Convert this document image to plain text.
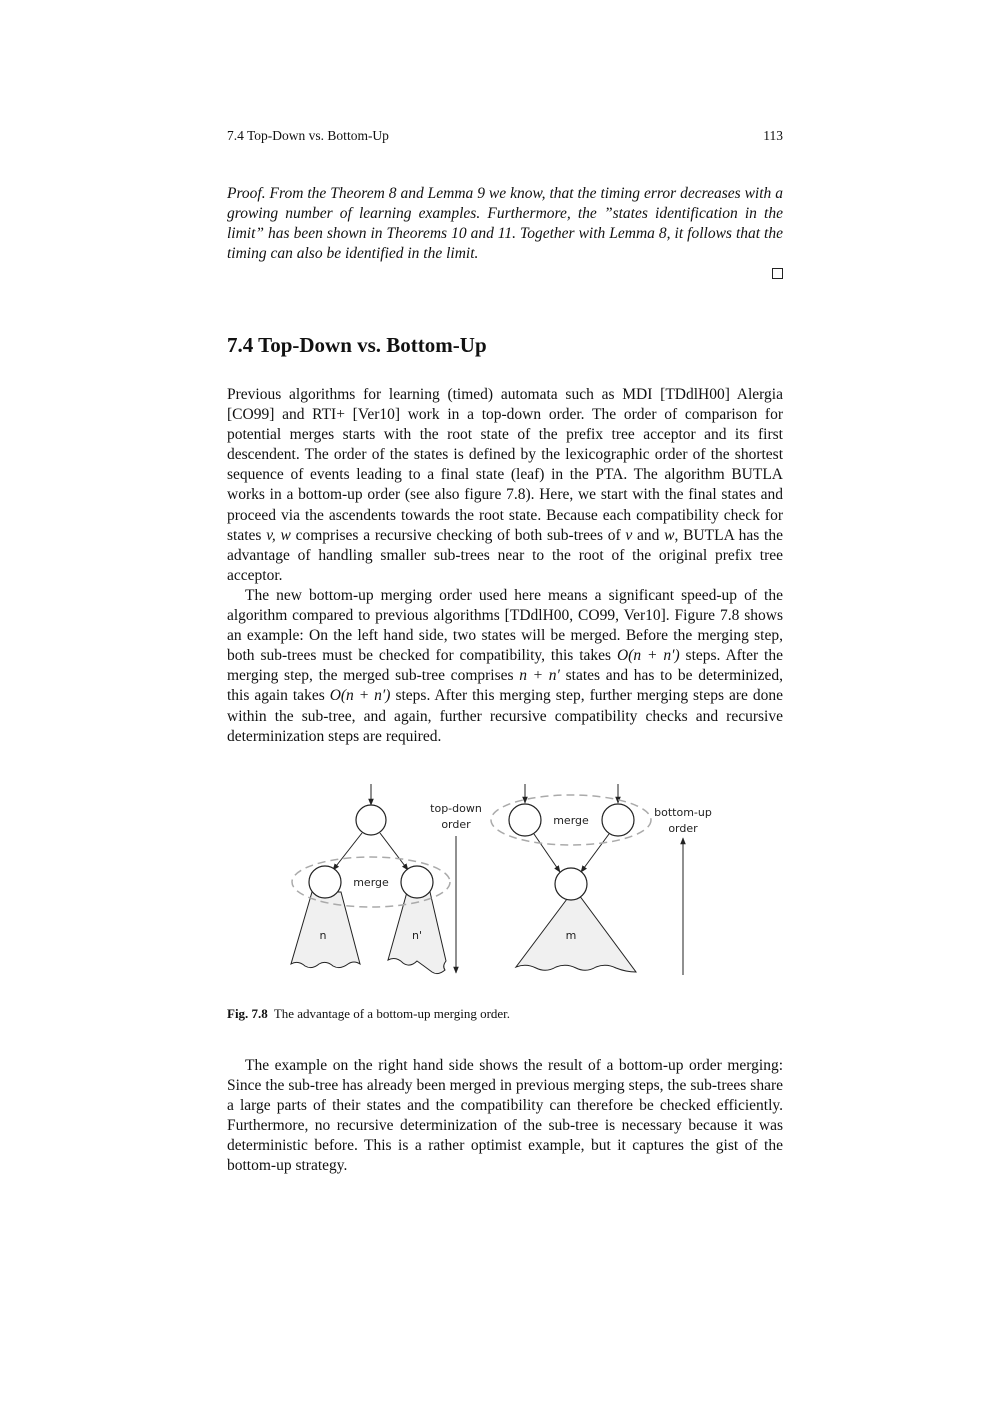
7.4 Top-Down vs. Bottom-Up	113

Proof. From the Theorem 8 and Lemma 9 we know, that the timing error decreases with a growing number of learning examples. Furthermore, the ”states identification in the limit” has been shown in Theorems 10 and 11. Together with Lemma 8, it follows that the timing can also be identified in the limit.

7.4 Top-Down vs. Bottom-Up

Previous algorithms for learning (timed) automata such as MDI [TDdlH00] Alergia [CO99] and RTI+ [Ver10] work in a top-down order. The order of comparison for potential merges starts with the root state of the prefix tree acceptor and its first descendent. The order of the states is defined by the lexicographic order of the shortest sequence of events leading to a final state (leaf) in the PTA. The algorithm BUTLA works in a bottom-up order (see also figure 7.8). Here, we start with the final states and proceed via the ascendents towards the root state. Because each compatibility check for states v, w comprises a recursive checking of both sub-trees of v and w, BUTLA has the advantage of handling smaller sub-trees near to the root of the original prefix tree acceptor.

The new bottom-up merging order used here means a significant speed-up of the algorithm compared to previous algorithms [TDdlH00, CO99, Ver10]. Figure 7.8 shows an example: On the left hand side, two states will be merged. Before the merging step, both sub-trees must be checked for compatibility, this takes O(n + n′) steps. After the merging step, the merged sub-tree comprises n + n′ states and has to be determinized, this again takes O(n + n′) steps. After this merging step, further merging steps are done within the sub-tree, and again, further recursive compatibility checks and recursive determinization steps are required.

merge
n	n'
top-down
order	merge
m
bottom-up
order
Fig. 7.8 The advantage of a bottom-up merging order.

The example on the right hand side shows the result of a bottom-up order merging: Since the sub-tree has already been merged in previous merging steps, the sub-trees share a large parts of their states and the compatibility can therefore be checked efficiently. Furthermore, no recursive determinization of the sub-tree is necessary because it was deterministic before. This is a rather optimist example, but it captures the gist of the bottom-up strategy.
